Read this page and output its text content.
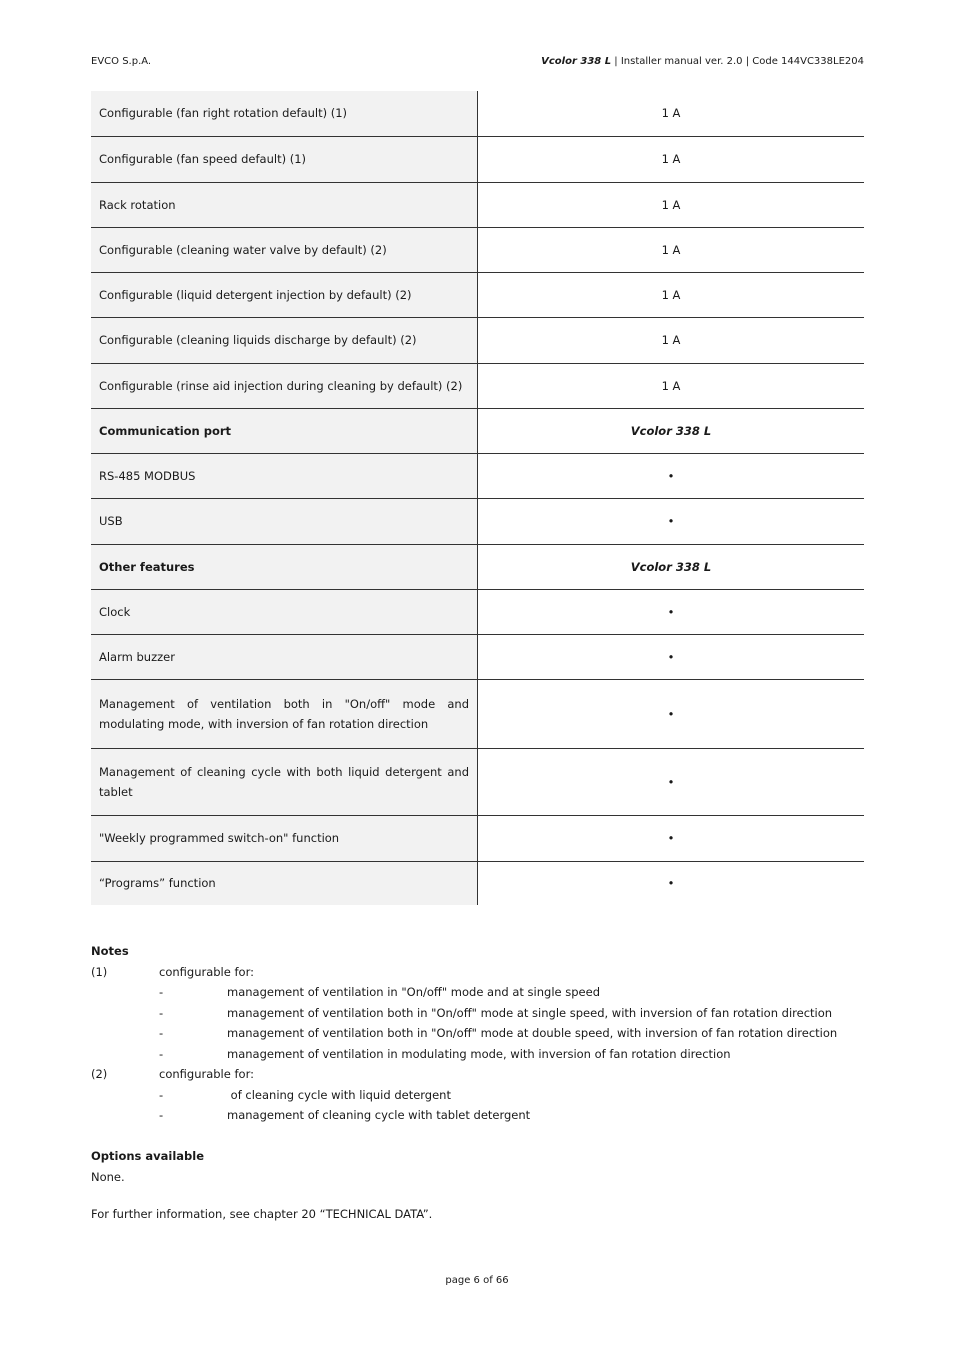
EVCO S.p.A.	Vcolor 338 L | Installer manual ver. 2.0 | Code 144VC338LE204
Configurable (fan right rotation default) (1)	1 A
Configurable (fan speed default) (1)	1 A
Rack rotation	1 A
Configurable (cleaning water valve by default) (2)	1 A
Configurable (liquid detergent injection by default) (2)	1 A
Configurable (cleaning liquids discharge by default) (2)	1 A
Configurable (rinse aid injection during cleaning by default) (2)	1 A
Communication port	Vcolor 338 L
RS-485 MODBUS	•
USB	•
Other features	Vcolor 338 L
Clock	•
Alarm buzzer	•
Management of ventilation both in "On/off" mode and modulating mode, with inversion of fan rotation direction	•
Management of cleaning cycle with both liquid detergent and tablet	•
"Weekly programmed switch-on" function	•
“Programs” function	•
Notes
(1)	configurable for:
-	management of ventilation in "On/off" mode and at single speed
-	management of ventilation both in "On/off" mode at single speed, with inversion of fan rotation direction
-	management of ventilation both in "On/off" mode at double speed, with inversion of fan rotation direction
-	management of ventilation in modulating mode, with inversion of fan rotation direction
(2)	configurable for:
-	of cleaning cycle with liquid detergent
-	management of cleaning cycle with tablet detergent
Options available
None.
For further information, see chapter 20 “TECHNICAL DATA”.
page 6 of 66
